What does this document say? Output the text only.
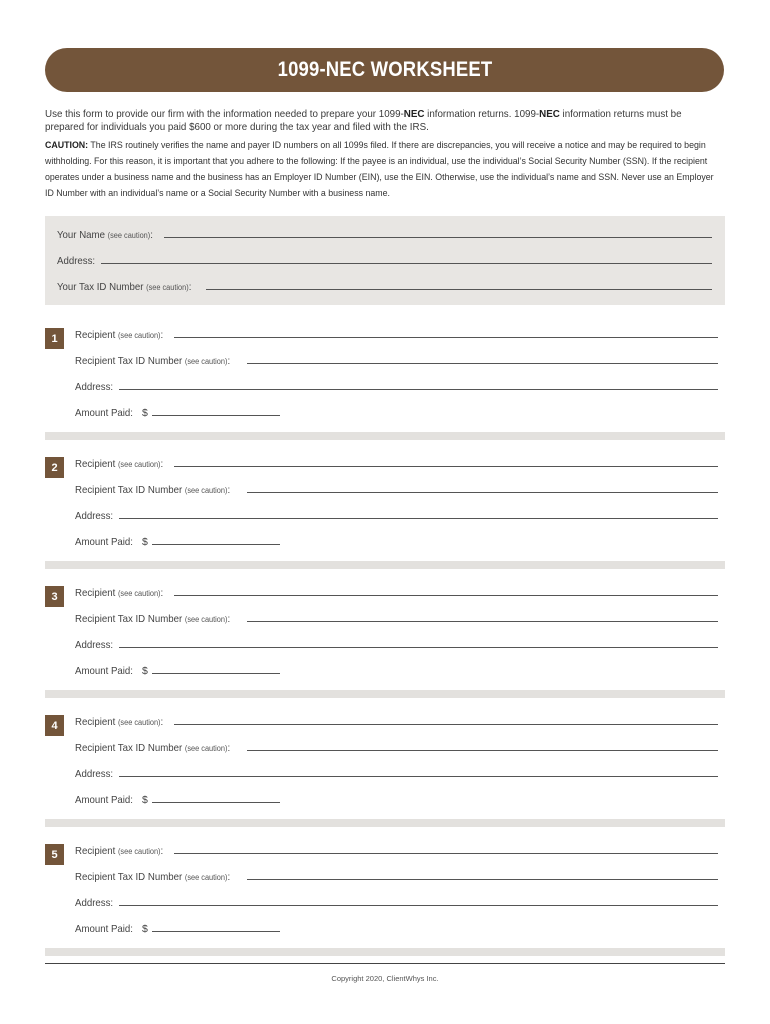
1099-NEC WORKSHEET
Use this form to provide our firm with the information needed to prepare your 1099-NEC information returns. 1099-NEC information returns must be prepared for individuals you paid $600 or more during the tax year and filed with the IRS.
CAUTION: The IRS routinely verifies the name and payer ID numbers on all 1099s filed. If there are discrepancies, you will receive a notice and may be required to begin withholding. For this reason, it is important that you adhere to the following: If the payee is an individual, use the individual’s Social Security Number (SSN). If the recipient operates under a business name and the business has an Employer ID Number (EIN), use the EIN. Otherwise, use the individual’s name and SSN. Never use an Employer ID Number with an individual’s name or a Social Security Number with a business name.
Your Name (see caution):
Address:
Your Tax ID Number (see caution):
1	Recipient (see caution):
Recipient Tax ID Number (see caution):
Address:
Amount Paid: $
2	Recipient (see caution):
Recipient Tax ID Number (see caution):
Address:
Amount Paid: $
3	Recipient (see caution):
Recipient Tax ID Number (see caution):
Address:
Amount Paid: $
4	Recipient (see caution):
Recipient Tax ID Number (see caution):
Address:
Amount Paid: $
5	Recipient (see caution):
Recipient Tax ID Number (see caution):
Address:
Amount Paid: $
Copyright 2020, ClientWhys Inc.
